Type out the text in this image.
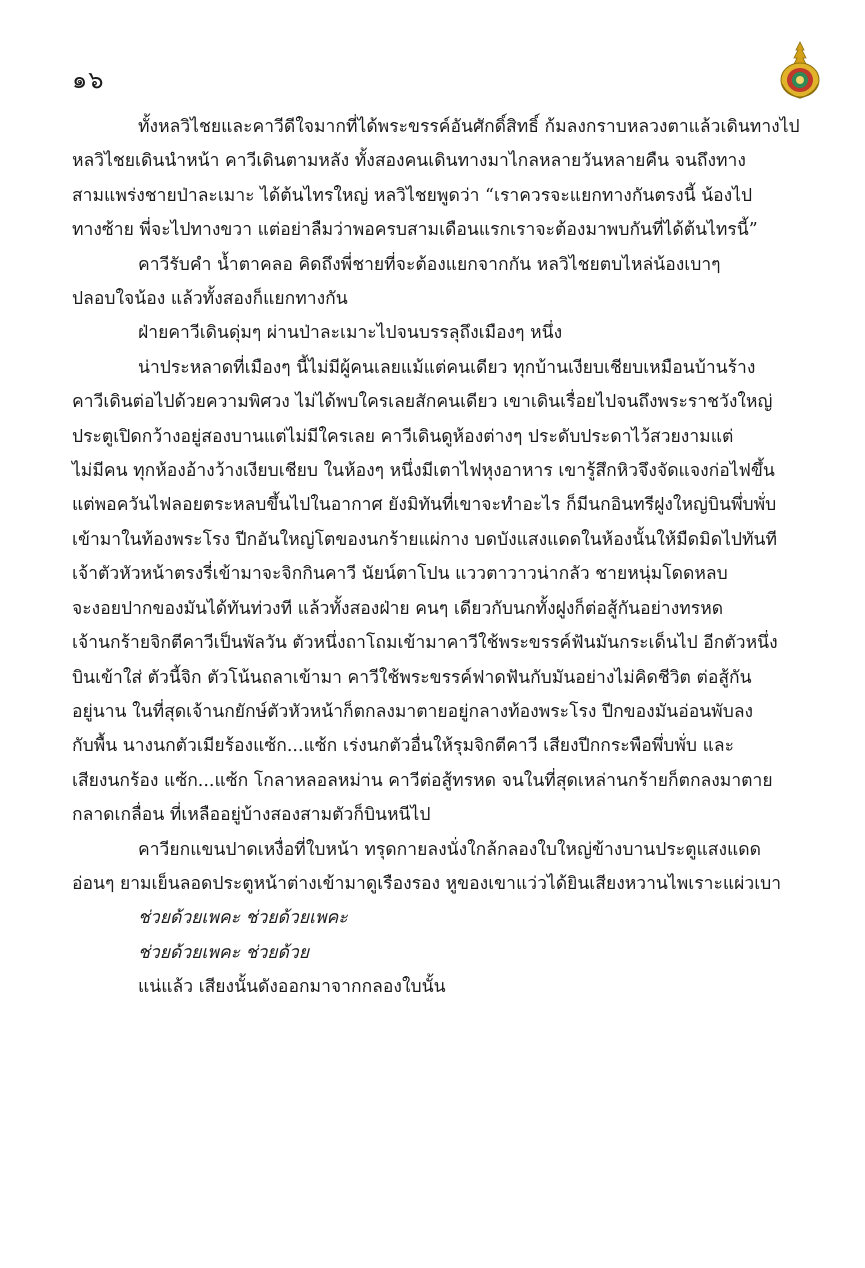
๑๖

ทั้งหลวิไชยและคาวีดีใจมากที่ได้พระขรรค์อันศักดิ์สิทธิ์ ก้มลงกราบหลวงตาแล้วเดินทางไป
หลวิไชยเดินนำหน้า คาวีเดินตามหลัง ทั้งสองคนเดินทางมาไกลหลายวันหลายคืน จนถึงทาง
สามแพร่งชายป่าละเมาะ ได้ต้นไทรใหญ่ หลวิไชยพูดว่า “เราควรจะแยกทางกันตรงนี้ น้องไป
ทางซ้าย พี่จะไปทางขวา แต่อย่าลืมว่าพอครบสามเดือนแรกเราจะต้องมาพบกันที่ได้ต้นไทรนี้”

คาวีรับคำ น้ำตาคลอ คิดถึงพี่ชายที่จะต้องแยกจากกัน หลวิไชยตบไหล่น้องเบาๆ
ปลอบใจน้อง แล้วทั้งสองก็แยกทางกัน

ฝ่ายคาวีเดินดุ่มๆ ผ่านป่าละเมาะไปจนบรรลุถึงเมืองๆ หนึ่ง

น่าประหลาดที่เมืองๆ นี้ไม่มีผู้คนเลยแม้แต่คนเดียว ทุกบ้านเงียบเชียบเหมือนบ้านร้าง
คาวีเดินต่อไปด้วยความพิศวง ไม่ได้พบใครเลยสักคนเดียว เขาเดินเรื่อยไปจนถึงพระราชวังใหญ่
ประตูเปิดกว้างอยู่สองบานแต่ไม่มีใครเลย คาวีเดินดูห้องต่างๆ ประดับประดาไว้สวยงามแต่
ไม่มีคน ทุกห้องอ้างว้างเงียบเชียบ ในห้องๆ หนึ่งมีเตาไฟหุงอาหาร เขารู้สึกหิวจึงจัดแจงก่อไฟขึ้น
แต่พอควันไฟลอยตระหลบขึ้นไปในอากาศ ยังมิทันที่เขาจะทำอะไร ก็มีนกอินทรีฝูงใหญ่บินพึ่บพั่บ
เข้ามาในท้องพระโรง ปีกอันใหญ่โตของนกร้ายแผ่กาง บดบังแสงแดดในห้องนั้นให้มืดมิดไปทันที
เจ้าตัวหัวหน้าตรงรี่เข้ามาจะจิกกินคาวี นัยน์ตาโปน แววตาวาวน่ากลัว ชายหนุ่มโดดหลบ
จะงอยปากของมันได้ทันท่วงที แล้วทั้งสองฝ่าย คนๆ เดียวกับนกทั้งฝูงก็ต่อสู้กันอย่างทรหด
เจ้านกร้ายจิกตีคาวีเป็นพัลวัน ตัวหนึ่งถาโถมเข้ามาคาวีใช้พระขรรค์ฟันมันกระเด็นไป อีกตัวหนึ่ง
บินเข้าใส่ ตัวนี้จิก ตัวโน้นถลาเข้ามา คาวีใช้พระขรรค์ฟาดฟันกับมันอย่างไม่คิดชีวิต ต่อสู้กัน
อยู่นาน ในที่สุดเจ้านกยักษ์ตัวหัวหน้าก็ตกลงมาตายอยู่กลางท้องพระโรง ปีกของมันอ่อนพับลง
กับพื้น นางนกตัวเมียร้องแซ้ก...แซ้ก เร่งนกตัวอื่นให้รุมจิกตีคาวี เสียงปีกกระพือพึ่บพั่บ และ
เสียงนกร้อง แซ้ก...แซ้ก โกลาหลอลหม่าน คาวีต่อสู้ทรหด จนในที่สุดเหล่านกร้ายก็ตกลงมาตาย
กลาดเกลื่อน ที่เหลืออยู่บ้างสองสามตัวก็บินหนีไป

คาวียกแขนปาดเหงื่อที่ใบหน้า ทรุดกายลงนั่งใกล้กลองใบใหญ่ข้างบานประตูแสงแดด
อ่อนๆ ยามเย็นลอดประตูหน้าต่างเข้ามาดูเรืองรอง หูของเขาแว่วได้ยินเสียงหวานไพเราะแผ่วเบา

ช่วยด้วยเพคะ ช่วยด้วยเพคะ

ช่วยด้วยเพคะ ช่วยด้วย

แน่แล้ว เสียงนั้นดังออกมาจากกลองใบนั้น
